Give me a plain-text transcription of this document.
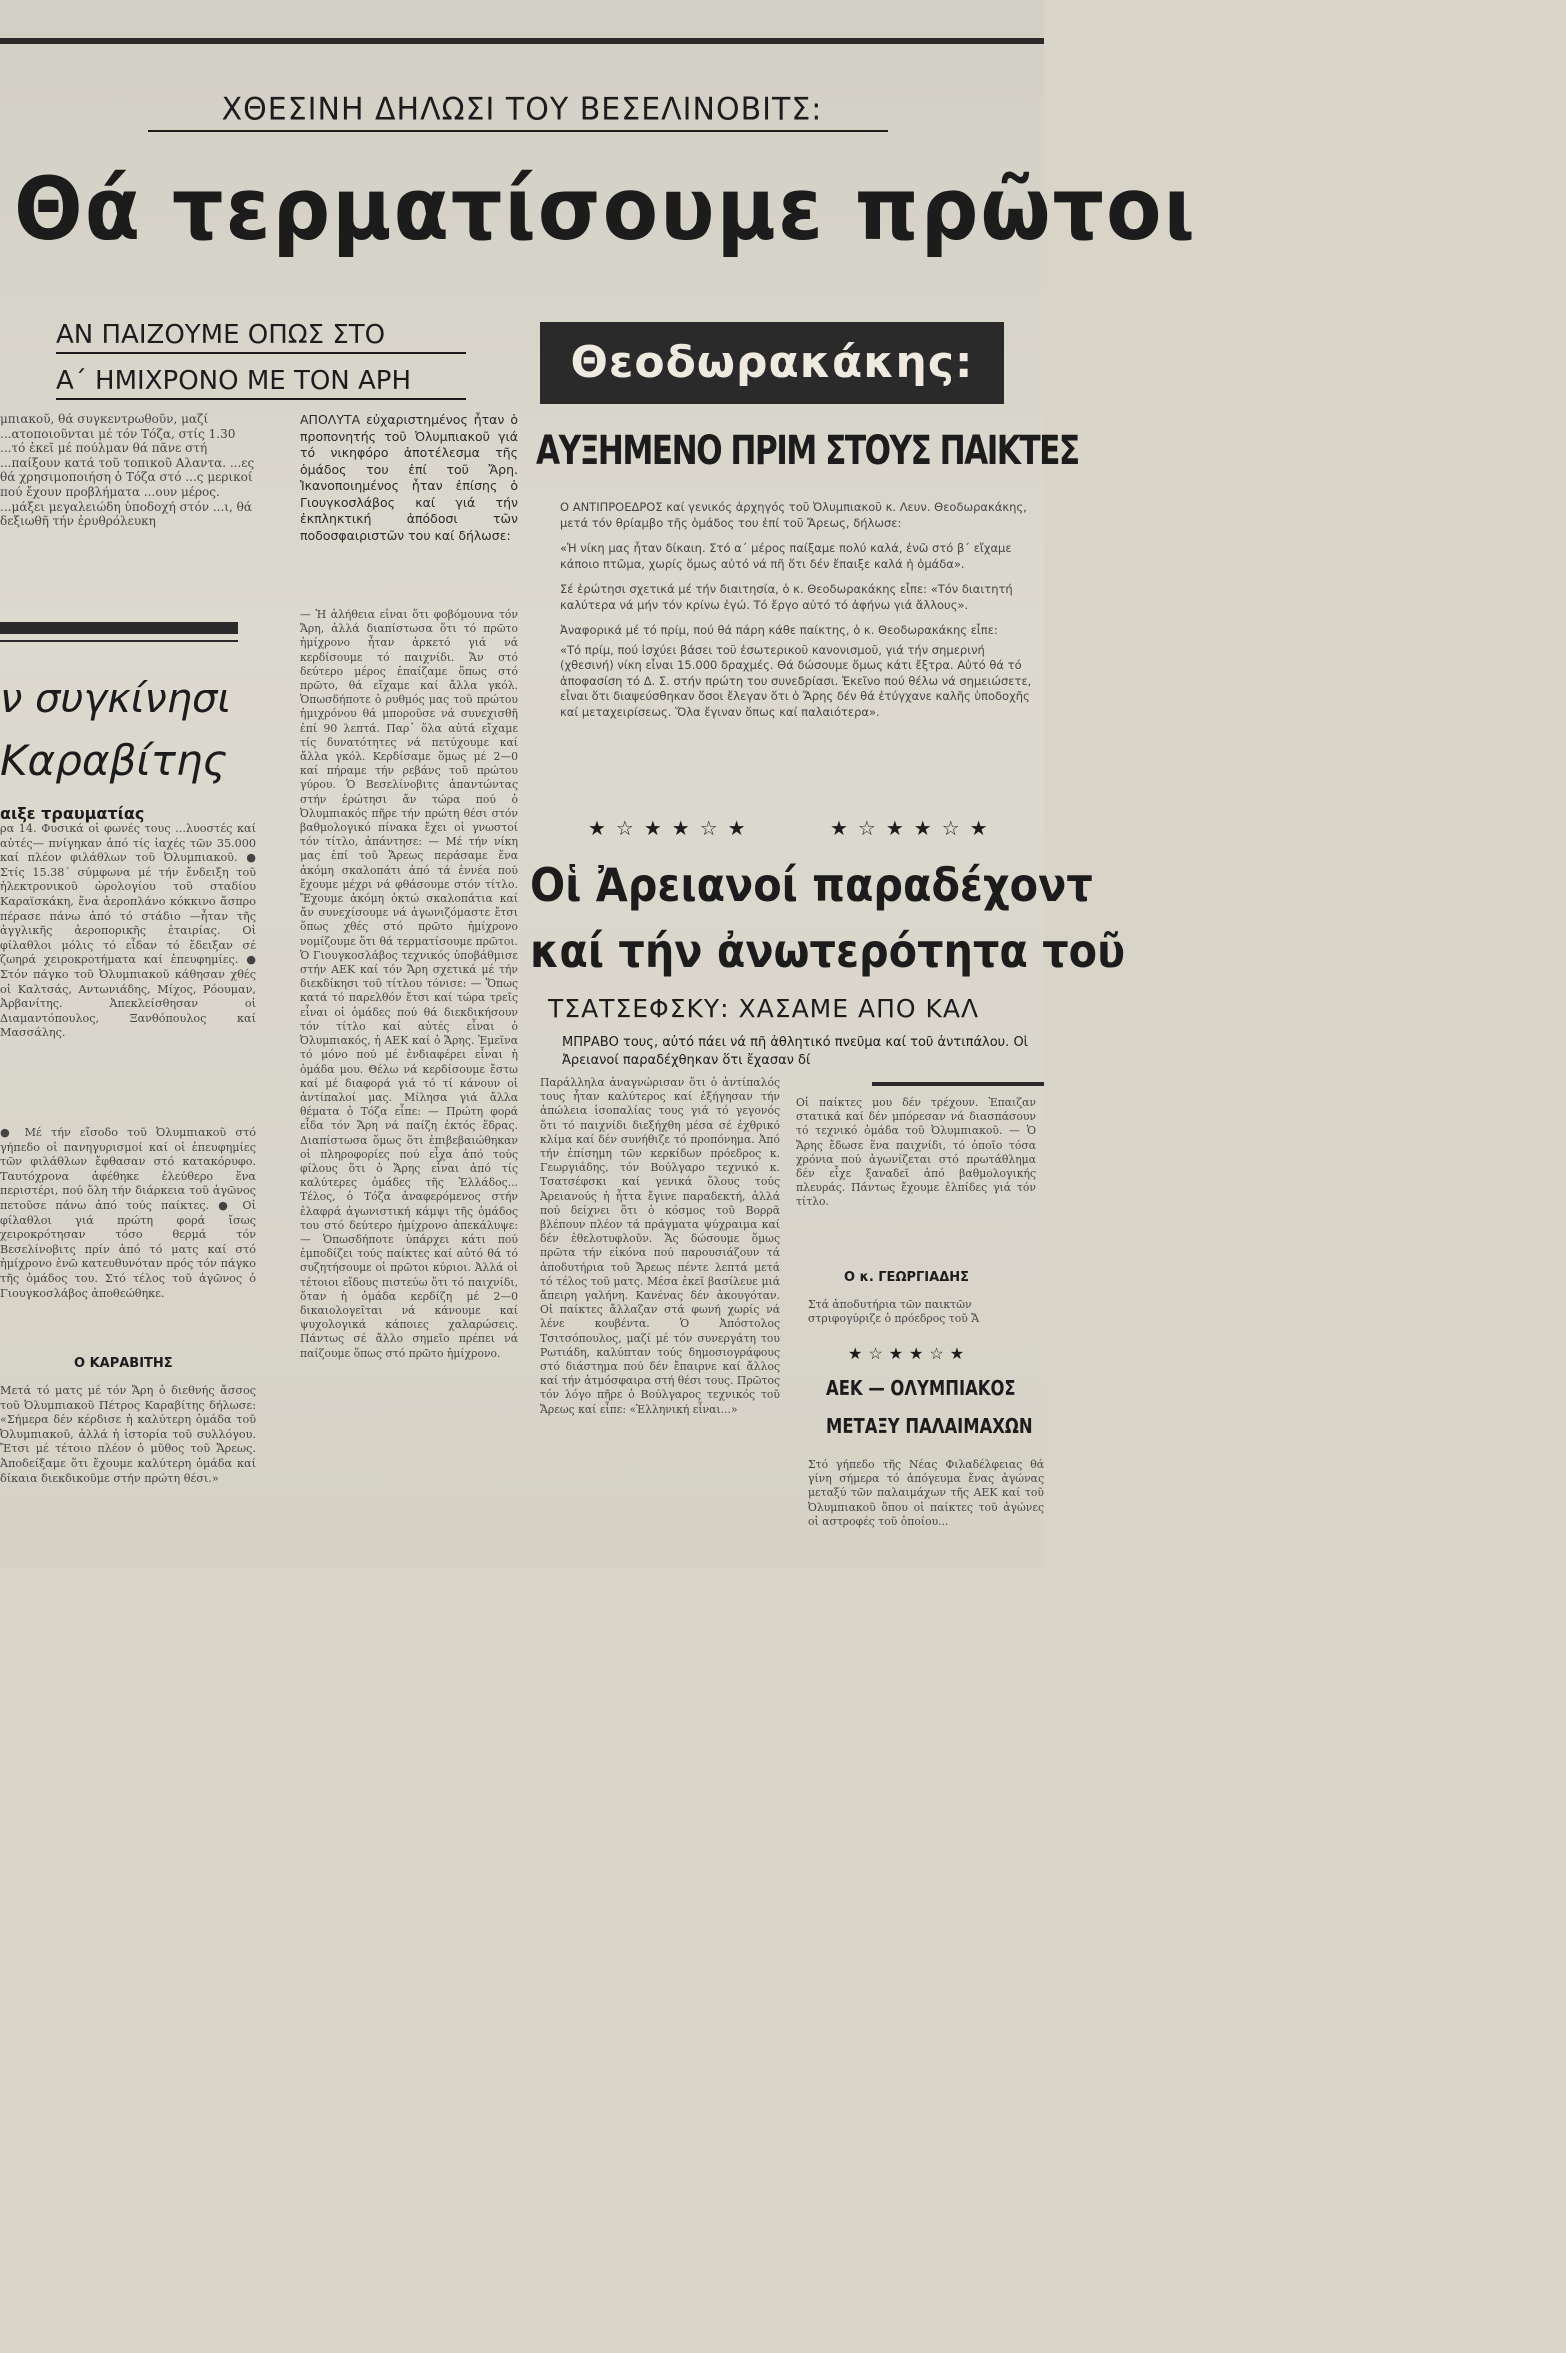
ΧΘΕΣΙΝΗ ΔΗΛΩΣΙ ΤΟΥ ΒΕΣΕΛΙΝΟΒΙΤΣ:
Θά τερματίσουμε πρῶτοι
ΑΝ ΠΑΙΖΟΥΜΕ ΟΠΩΣ ΣΤΟ
Α΄ ΗΜΙΧΡΟΝΟ ΜΕ ΤΟΝ ΑΡΗ	Θεοδωρακάκης:
ΑΥΞΗΜΕΝΟ ΠΡΙΜ ΣΤΟΥΣ ΠΑΙΚΤΕΣ
μπιακοῦ, θά συγκεντρωθοῦν, μαζί ...ατοποιοῦνται μέ τόν Τόζα, στίς 1.30 ...τό ἐκεῖ μέ πούλμαν θά πᾶνε στή ...παίξουν κατά τοῦ τοπικοῦ Αλαντα. ...ες θά χρησιμοποιήση ὁ Τόζα στό ...ς μερικοί πού ἔχουν προβλήματα ...ουν μέρος. ...μάξει μεγαλειώδη ὑποδοχή στόν ...ι, θά δεξιωθῆ τήν ἐρυθρόλευκη
ΑΠΟΛΥΤΑ εὐχαριστημένος ἦταν ὁ προπονητής τοῦ Ὀλυμπιακοῦ γιά τό νικηφόρο ἀποτέλεσμα τῆς ὁμάδος του ἐπί τοῦ Ἄρη. Ἱκανοποιημένος ἦταν ἐπίσης ὁ Γιουγκοσλάβος καί γιά τήν ἐκπληκτική ἀπόδοσι τῶν ποδοσφαιριστῶν του καί δήλωσε:
— Ἡ ἀλήθεια εἶναι ὅτι φοβόμουνα τόν Ἄρη, ἀλλά διαπίστωσα ὅτι τό πρῶτο ἡμίχρονο ἦταν ἀρκετό γιά νά κερδίσουμε τό παιχνίδι. Ἄν στό δεύτερο μέρος ἐπαίζαμε ὅπως στό πρῶτο, θά εἴχαμε καί ἄλλα γκόλ. Ὁπωσδήποτε ὁ ρυθμός μας τοῦ πρώτου ἡμιχρόνου θά μποροῦσε νά συνεχισθῆ ἐπί 90 λεπτά. Παρ᾿ ὅλα αὐτά εἴχαμε τίς δυνατότητες νά πετύχουμε καί ἄλλα γκόλ. Κερδίσαμε ὅμως μέ 2—0 καί πήραμε τήν ρεβάνς τοῦ πρώτου γύρου. Ὁ Βεσελίνοβιτς ἀπαντώντας στήν ἐρώτησι ἄν τώρα πού ὁ Ὀλυμπιακός πῆρε τήν πρώτη θέσι στόν βαθμολογικό πίνακα ἔχει οἱ γνωστοί τόν τίτλο, ἀπάντησε: — Μέ τήν νίκη μας ἐπί τοῦ Ἄρεως περάσαμε ἕνα ἀκόμη σκαλοπάτι ἀπό τά ἐννέα πού ἔχουμε μέχρι νά φθάσουμε στόν τίτλο. Ἔχουμε ἀκόμη ὀκτώ σκαλοπάτια καί ἄν συνεχίσουμε νά ἀγωνιζόμαστε ἔτσι ὅπως χθές στό πρῶτο ἡμίχρονο νομίζουμε ὅτι θά τερματίσουμε πρῶτοι. Ὁ Γιουγκοσλάβος τεχνικός ὑποβάθμισε στήν ΑΕΚ καί τόν Ἄρη σχετικά μέ τήν διεκδίκησι τοῦ τίτλου τόνισε: — Ὅπως κατά τό παρελθόν ἔτσι καί τώρα τρεῖς εἶναι οἱ ὁμάδες πού θά διεκδικήσουν τόν τίτλο καί αὐτές εἶναι ὁ Ὀλυμπιακός, ἡ ΑΕΚ καί ὁ Ἄρης. Ἐμεῖνα τό μόνο πού μέ ἐνδιαφέρει εἶναι ἡ ὁμάδα μου. Θέλω νά κερδίσουμε ἔστω καί μέ διαφορά γιά τό τί κάνουν οἱ ἀντίπαλοί μας. Μίλησα γιά ἄλλα θέματα ὁ Τόζα εἶπε: — Πρώτη φορά εἶδα τόν Ἄρη νά παίζη ἐκτός ἕδρας. Διαπίστωσα ὅμως ὅτι ἐπιβεβαιώθηκαν οἱ πληροφορίες πού εἶχα ἀπό τούς φίλους ὅτι ὁ Ἄρης εἶναι ἀπό τίς καλύτερες ὁμάδες τῆς Ἑλλάδος... Τέλος, ὁ Τόζα ἀναφερόμενος στήν ἐλαφρά ἀγωνιστική κάμψι τῆς ὁμάδος του στό δεύτερο ἡμίχρονο ἀπεκάλυψε: — Ὁπωσδήποτε ὑπάρχει κάτι πού ἐμποδίζει τούς παίκτες καί αὐτό θά τό συζητήσουμε οἱ πρῶτοι κύριοι. Ἀλλά οἱ τέτοιοι εἴδους πιστεύω ὅτι τό παιχνίδι, ὅταν ἡ ὁμάδα κερδίζη μέ 2—0 δικαιολογεῖται νά κάνουμε καί ψυχολογικά κάποιες χαλαρώσεις. Πάντως σέ ἄλλο σημεῖο πρέπει νά παίζουμε ὅπως στό πρῶτο ἡμίχρονο.

Ο ΑΝΤΙΠΡΟΕΔΡΟΣ καί γενικός ἀρχηγός τοῦ Ὀλυμπιακοῦ κ. Λευν. Θεοδωρακάκης, μετά τόν θρίαμβο τῆς ὁμάδος του ἐπί τοῦ Ἄρεως, δήλωσε:

«Ἡ νίκη μας ἦταν δίκαιη. Στό α΄ μέρος παίξαμε πολύ καλά, ἐνῶ στό β΄ εἴχαμε κάποιο πτῶμα, χωρίς ὅμως αὐτό νά πῆ ὅτι δέν ἔπαιξε καλά ἡ ὁμάδα».

Σέ ἐρώτησι σχετικά μέ τήν διαιτησία, ὁ κ. Θεοδωρακάκης εἶπε: «Τόν διαιτητή καλύτερα νά μήν τόν κρίνω ἐγώ. Τό ἔργο αὐτό τό ἀφήνω γιά ἄλλους».

Ἀναφορικά μέ τό πρίμ, πού θά πάρη κάθε παίκτης, ὁ κ. Θεοδωρακάκης εἶπε:

«Τό πρίμ, πού ἰσχύει βάσει τοῦ ἐσωτερικοῦ κανονισμοῦ, γιά τήν σημερινή (χθεσινή) νίκη εἶναι 15.000 δραχμές. Θά δώσουμε ὅμως κάτι ἔξτρα. Αὐτό θά τό ἀποφασίση τό Δ. Σ. στήν πρώτη του συνεδρίασι. Ἐκεῖνο πού θέλω νά σημειώσετε, εἶναι ὅτι διαψεύσθηκαν ὅσοι ἔλεγαν ὅτι ὁ Ἄρης δέν θά ἐτύγχανε καλῆς ὑποδοχῆς καί μεταχειρίσεως. Ὅλα ἔγιναν ὅπως καί παλαιότερα».

★☆★★☆★	★☆★★☆★
ν συγκίνησι
Καραβίτης
αιξε τραυματίας
ρα 14. Φυσικά οἱ φωνές τους ...λυοστές καί αὐτές— πνίγηκαν ἀπό τίς ἰαχές τῶν 35.000 καί πλέον φιλάθλων τοῦ Ὀλυμπιακοῦ. ● Στίς 15.38΄ σύμφωνα μέ τήν ἔνδειξη τοῦ ἠλεκτρονικοῦ ὡρολογίου τοῦ σταδίου Καραϊσκάκη, ἕνα ἀεροπλάνο κόκκινο ἄσπρο πέρασε πάνω ἀπό τό στάδιο —ἦταν τῆς ἀγγλικῆς ἀεροπορικῆς ἑταιρίας. Οἱ φίλαθλοι μόλις τό εἶδαν τό ἔδειξαν σέ ζωηρά χειροκροτήματα καί ἐπευφημίες. ● Στόν πάγκο τοῦ Ὀλυμπιακοῦ κάθησαν χθές οἱ Καλτσάς, Αντωνιάδης, Μίχος, Ρόουμαν, Ἀρβανίτης. Ἀπεκλείσθησαν οἱ Διαμαντόπουλος, Ξανθόπουλος καί Μασσάλης.
● Μέ τήν εἴσοδο τοῦ Ὀλυμπιακοῦ στό γήπεδο οἱ πανηγυρισμοί καί οἱ ἐπευφημίες τῶν φιλάθλων ἔφθασαν στό κατακόρυφο. Ταυτόχρονα ἀφέθηκε ἐλεύθερο ἕνα περιστέρι, πού ὅλη τήν διάρκεια τοῦ ἀγῶνος πετοῦσε πάνω ἀπό τούς παίκτες. ● Οἱ φίλαθλοι γιά πρώτη φορά ἴσως χειροκρότησαν τόσο θερμά τόν Βεσελίνοβιτς πρίν ἀπό τό ματς καί στό ἡμίχρονο ἐνῶ κατευθυνόταν πρός τόν πάγκο τῆς ὁμάδος του. Στό τέλος τοῦ ἀγῶνος ὁ Γιουγκοσλάβος ἀποθεώθηκε.
Ο ΚΑΡΑΒΙΤΗΣ
Μετά τό ματς μέ τόν Ἄρη ὁ διεθνής ἄσσος τοῦ Ὀλυμπιακοῦ Πέτρος Καραβίτης δήλωσε: «Σήμερα δέν κέρδισε ἡ καλύτερη ὁμάδα τοῦ Ὀλυμπιακοῦ, ἀλλά ἡ ἱστορία τοῦ συλλόγου. Ἔτσι μέ τέτοιο πλέον ὁ μῦθος τοῦ Ἄρεως. Ἀποδείξαμε ὅτι ἔχουμε καλύτερη ὁμάδα καί δίκαια διεκδικοῦμε στήν πρώτη θέσι.»
Οἱ Ἀρειανοί παραδέχοντ
καί τήν ἀνωτερότητα τοῦ
ΤΣΑΤΣΕΦΣΚΥ: ΧΑΣΑΜΕ ΑΠΟ ΚΑΛ
ΜΠΡΑΒΟ τους, αὐτό πάει νά πῆ ἀθλητικό πνεῦμα καί τοῦ ἀντιπάλου. Οἱ Ἀρειανοί παραδέχθηκαν ὅτι ἔχασαν δί
Παράλληλα ἀναγνώρισαν ὅτι ὁ ἀντίπαλός τους ἦταν καλύτερος καί ἐξήγησαν τήν ἀπώλεια ἰσοπαλίας τους γιά τό γεγονός ὅτι τό παιχνίδι διεξήχθη μέσα σέ ἐχθρικό κλίμα καί δέν συνήθιζε τό προπόνημα. Ἀπό τήν ἐπίσημη τῶν κερκίδων πρόεδρος κ. Γεωργιάδης, τόν Βούλγαρο τεχνικό κ. Τσατσέφσκι καί γενικά ὅλους τούς Ἀρειανούς ἡ ἧττα ἔγινε παραδεκτή, ἀλλά πού δείχνει ὅτι ὁ κόσμος τοῦ Βορρᾶ βλέπουν πλέον τά πράγματα ψύχραιμα καί δέν ἐθελοτυφλοῦν. Ἄς δώσουμε ὅμως πρῶτα τήν εἰκόνα πού παρουσιάζουν τά ἀποδυτήρια τοῦ Ἄρεως πέντε λεπτά μετά τό τέλος τοῦ ματς. Μέσα ἐκεῖ βασίλευε μιά ἄπειρη γαλήνη. Κανένας δέν ἀκουγόταν. Οἱ παίκτες ἄλλαζαν στά φωνή χωρίς νά λένε κουβέντα. Ὁ Ἀπόστολος Τσιτσόπουλος, μαζί μέ τόν συνεργάτη του Ρωτιάδη, καλύπταν τούς δημοσιογράφους στό διάστημα πού δέν ἔπαιρνε καί ἄλλος καί τήν ἀτμόσφαιρα στή θέσι τους. Πρῶτος τόν λόγο πῆρε ὁ Βούλγαρος τεχνικός τοῦ Ἄρεως καί εἶπε: «Ἑλληνική εἶναι...»
Οἱ παίκτες μου δέν τρέχουν. Ἐπαιζαν στατικά καί δέν μπόρεσαν νά διασπάσουν τό τεχνικό ὁμάδα τοῦ Ὀλυμπιακοῦ. — Ὁ Ἄρης ἔδωσε ἕνα παιχνίδι, τό ὁποῖο τόσα χρόνια πού ἀγωνίζεται στό πρωτάθλημα δέν εἶχε ξαναδεῖ ἀπό βαθμολογικής πλευράς. Πάντως ἔχουμε ἐλπίδες γιά τόν τίτλο.
Ο κ. ΓΕΩΡΓΙΑΔΗΣ
Στά ἀποδυτήρια τῶν παικτῶν στριφογύριζε ὁ πρόεδρος τοῦ Ἄ
★☆★★☆★
ΑΕΚ — ΟΛΥΜΠΙΑΚΟΣ
ΜΕΤΑΞΥ ΠΑΛΑΙΜΑΧΩΝ
Στό γήπεδο τῆς Νέας Φιλαδέλφειας θά γίνη σήμερα τό ἀπόγευμα ἕνας ἀγώνας μεταξύ τῶν παλαιμάχων τῆς ΑΕΚ καί τοῦ Ὀλυμπιακοῦ ὅπου οἱ παίκτες τοῦ ἀγώνες οἱ αστροφές τοῦ ὁποίου...
